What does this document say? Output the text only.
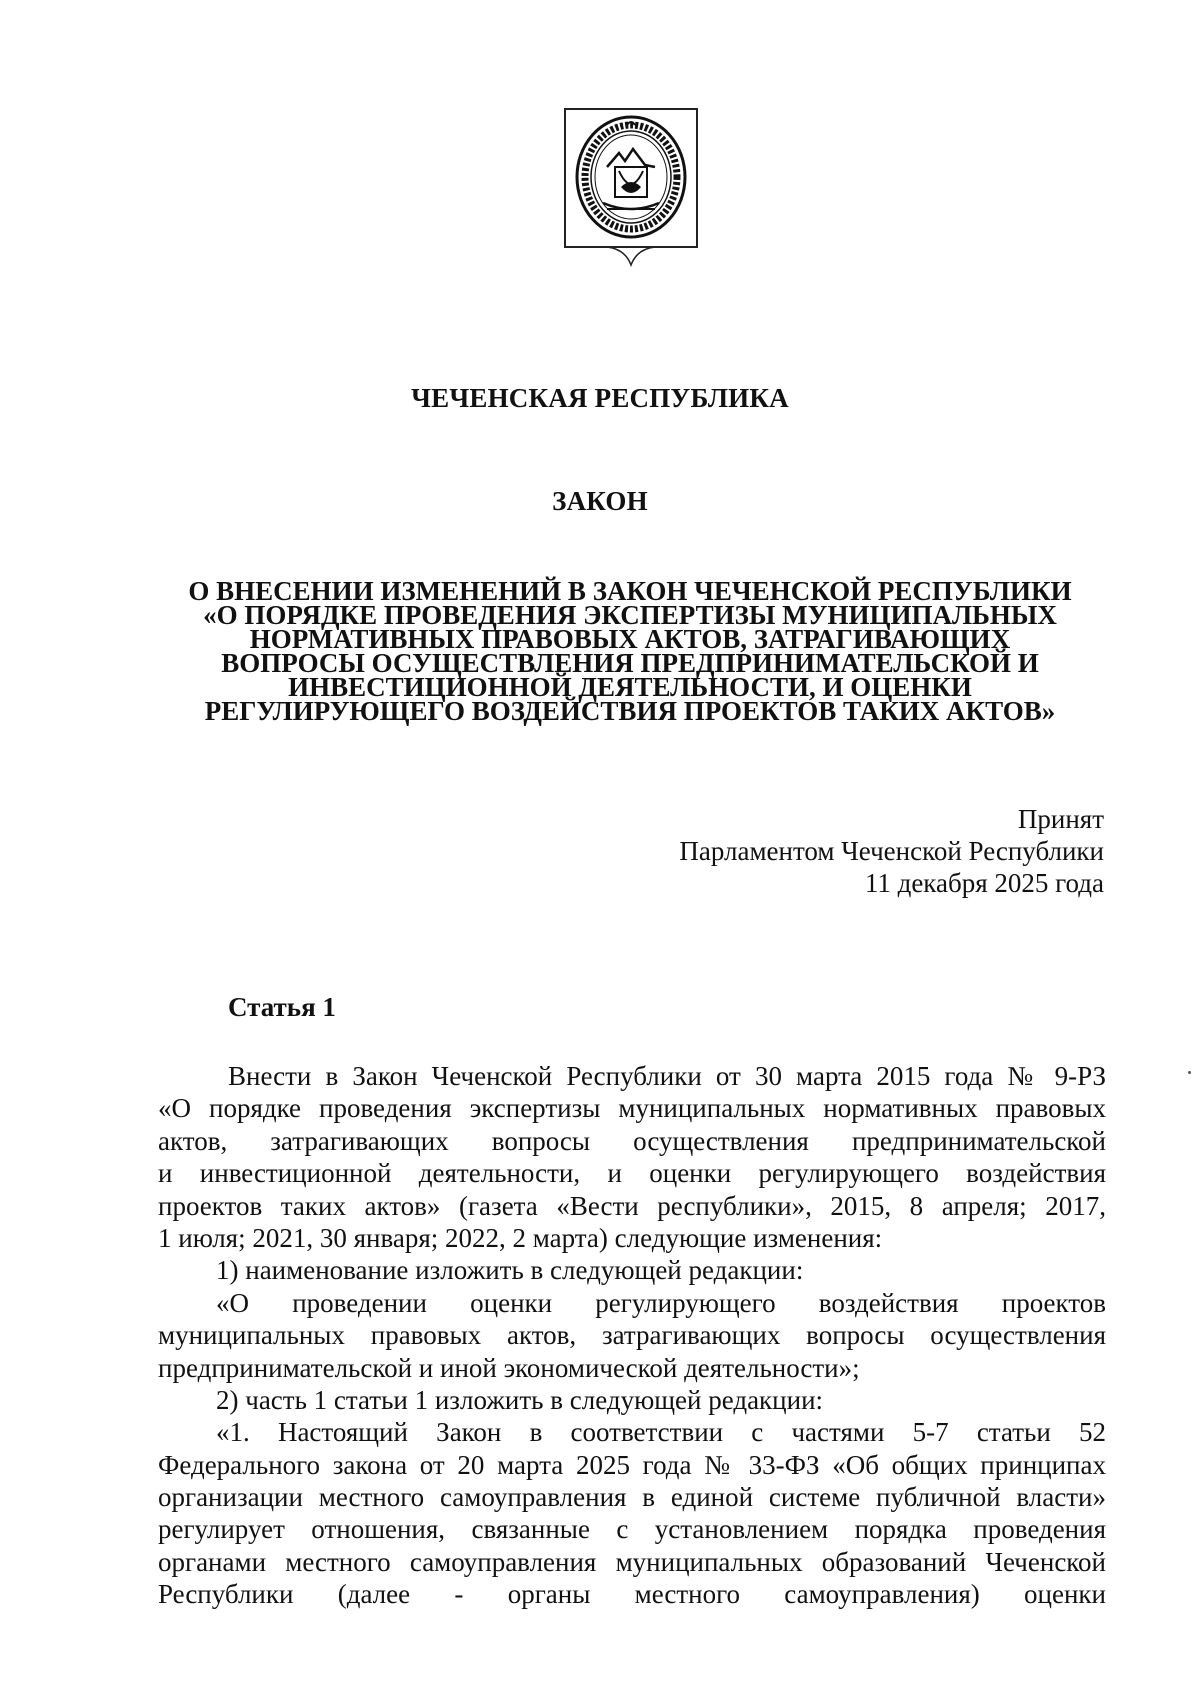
ЧЕЧЕНСКАЯ РЕСПУБЛИКА
ЗАКОН
О ВНЕСЕНИИ ИЗМЕНЕНИЙ В ЗАКОН ЧЕЧЕНСКОЙ РЕСПУБЛИКИ
«О ПОРЯДКЕ ПРОВЕДЕНИЯ ЭКСПЕРТИЗЫ МУНИЦИПАЛЬНЫХ
НОРМАТИВНЫХ ПРАВОВЫХ АКТОВ, ЗАТРАГИВАЮЩИХ
ВОПРОСЫ ОСУЩЕСТВЛЕНИЯ ПРЕДПРИНИМАТЕЛЬСКОЙ И
ИНВЕСТИЦИОННОЙ ДЕЯТЕЛЬНОСТИ, И ОЦЕНКИ
РЕГУЛИРУЮЩЕГО ВОЗДЕЙСТВИЯ ПРОЕКТОВ ТАКИХ АКТОВ»
Принят
Парламентом Чеченской Республики
11 декабря 2025 года
Статья 1
Внести в Закон Чеченской Республики от 30 марта 2015 года № 9-РЗ
«О порядке проведения экспертизы муниципальных нормативных правовых
актов, затрагивающих вопросы осуществления предпринимательской
и инвестиционной деятельности, и оценки регулирующего воздействия
проектов таких актов» (газета «Вести республики», 2015, 8 апреля; 2017,
1 июля; 2021, 30 января; 2022, 2 марта) следующие изменения:
1) наименование изложить в следующей редакции:
«О проведении оценки регулирующего воздействия проектов
муниципальных правовых актов, затрагивающих вопросы осуществления
предпринимательской и иной экономической деятельности»;
2) часть 1 статьи 1 изложить в следующей редакции:
«1. Настоящий Закон в соответствии с частями 5-7 статьи 52
Федерального закона от 20 марта 2025 года № 33-ФЗ «Об общих принципах
организации местного самоуправления в единой системе публичной власти»
регулирует отношения, связанные с установлением порядка проведения
органами местного самоуправления муниципальных образований Чеченской
Республики (далее - органы местного самоуправления) оценки
